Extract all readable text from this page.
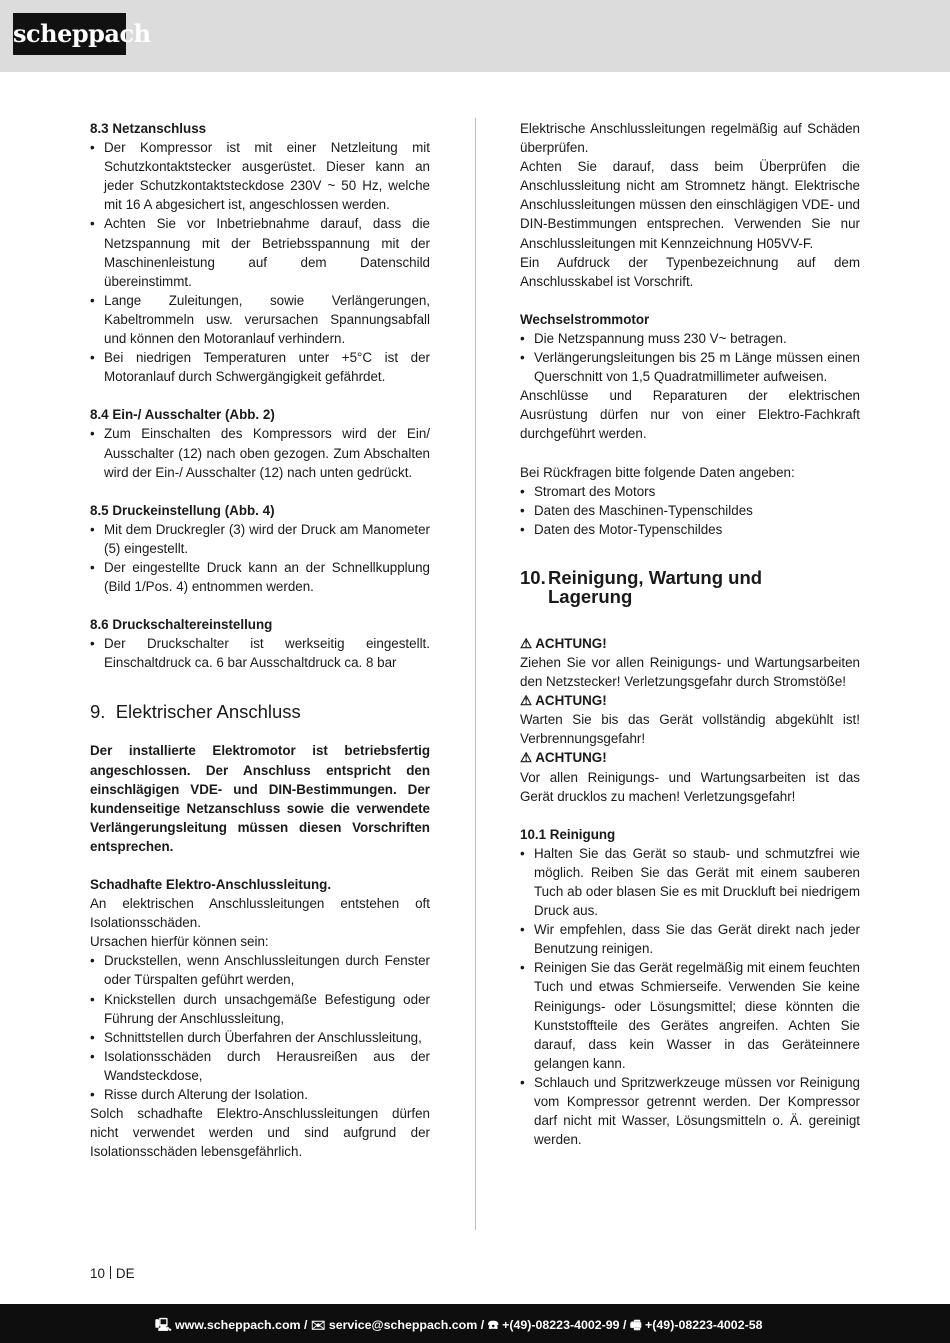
scheppach
8.3 Netzanschluss
• Der Kompressor ist mit einer Netzleitung mit Schutzkontaktstecker ausgerüstet. Dieser kann an jeder Schutzkontaktsteckdose 230V ~ 50 Hz, welche mit 16 A abgesichert ist, angeschlossen werden.
• Achten Sie vor Inbetriebnahme darauf, dass die Netzspannung mit der Betriebsspannung mit der Maschinenleistung auf dem Datenschild übereinstimmt.
• Lange Zuleitungen, sowie Verlängerungen, Kabeltrommeln usw. verursachen Spannungsabfall und können den Motoranlauf verhindern.
• Bei niedrigen Temperaturen unter +5°C ist der Motoranlauf durch Schwergängigkeit gefährdet.
8.4 Ein-/ Ausschalter (Abb. 2)
• Zum Einschalten des Kompressors wird der Ein/ Ausschalter (12) nach oben gezogen. Zum Abschalten wird der Ein-/ Ausschalter (12) nach unten gedrückt.
8.5 Druckeinstellung (Abb. 4)
• Mit dem Druckregler (3) wird der Druck am Manometer (5) eingestellt.
• Der eingestellte Druck kann an der Schnellkupplung (Bild 1/Pos. 4) entnommen werden.
8.6 Druckschaltereinstellung
• Der Druckschalter ist werkseitig eingestellt. Einschaltdruck ca. 6 bar Ausschaltdruck ca. 8 bar
9. Elektrischer Anschluss
Der installierte Elektromotor ist betriebsfertig angeschlossen. Der Anschluss entspricht den einschlägigen VDE- und DIN-Bestimmungen. Der kundenseitige Netzanschluss sowie die verwendete Verlängerungsleitung müssen diesen Vorschriften entsprechen.
Schadhafte Elektro-Anschlussleitung.
An elektrischen Anschlussleitungen entstehen oft Isolationsschäden.
Ursachen hierfür können sein:
• Druckstellen, wenn Anschlussleitungen durch Fenster oder Türspalten geführt werden,
• Knickstellen durch unsachgemäße Befestigung oder Führung der Anschlussleitung,
• Schnittstellen durch Überfahren der Anschlussleitung,
• Isolationsschäden durch Herausreißen aus der Wandsteckdose,
• Risse durch Alterung der Isolation.
Solch schadhafte Elektro-Anschlussleitungen dürfen nicht verwendet werden und sind aufgrund der Isolationsschäden lebensgefährlich.
Elektrische Anschlussleitungen regelmäßig auf Schäden überprüfen.
Achten Sie darauf, dass beim Überprüfen die Anschlussleitung nicht am Stromnetz hängt. Elektrische Anschlussleitungen müssen den einschlägigen VDE- und DIN-Bestimmungen entsprechen. Verwenden Sie nur Anschlussleitungen mit Kennzeichnung H05VV-F.
Ein Aufdruck der Typenbezeichnung auf dem Anschlusskabel ist Vorschrift.
Wechselstrommotor
• Die Netzspannung muss 230 V~ betragen.
• Verlängerungsleitungen bis 25 m Länge müssen einen Querschnitt von 1,5 Quadratmillimeter aufweisen.
Anschlüsse und Reparaturen der elektrischen Ausrüstung dürfen nur von einer Elektro-Fachkraft durchgeführt werden.
Bei Rückfragen bitte folgende Daten angeben:
• Stromart des Motors
• Daten des Maschinen-Typenschildes
• Daten des Motor-Typenschildes
10. Reinigung, Wartung und Lagerung
⚠ ACHTUNG!
Ziehen Sie vor allen Reinigungs- und Wartungsarbeiten den Netzstecker! Verletzungsgefahr durch Stromstöße!
⚠ ACHTUNG!
Warten Sie bis das Gerät vollständig abgekühlt ist! Verbrennungsgefahr!
⚠ ACHTUNG!
Vor allen Reinigungs- und Wartungsarbeiten ist das Gerät drucklos zu machen! Verletzungsgefahr!
10.1 Reinigung
• Halten Sie das Gerät so staub- und schmutzfrei wie möglich. Reiben Sie das Gerät mit einem sauberen Tuch ab oder blasen Sie es mit Druckluft bei niedrigem Druck aus.
• Wir empfehlen, dass Sie das Gerät direkt nach jeder Benutzung reinigen.
• Reinigen Sie das Gerät regelmäßig mit einem feuchten Tuch und etwas Schmierseife. Verwenden Sie keine Reinigungs- oder Lösungsmittel; diese könnten die Kunststoffteile des Gerätes angreifen. Achten Sie darauf, dass kein Wasser in das Geräteinnere gelangen kann.
• Schlauch und Spritzwerkzeuge müssen vor Reinigung vom Kompressor getrennt werden. Der Kompressor darf nicht mit Wasser, Lösungsmitteln o. Ä. gereinigt werden.
10 DE
🖳 www.scheppach.com / ✉ service@scheppach.com / ☎ +(49)-08223-4002-99 / 🖷 +(49)-08223-4002-58
